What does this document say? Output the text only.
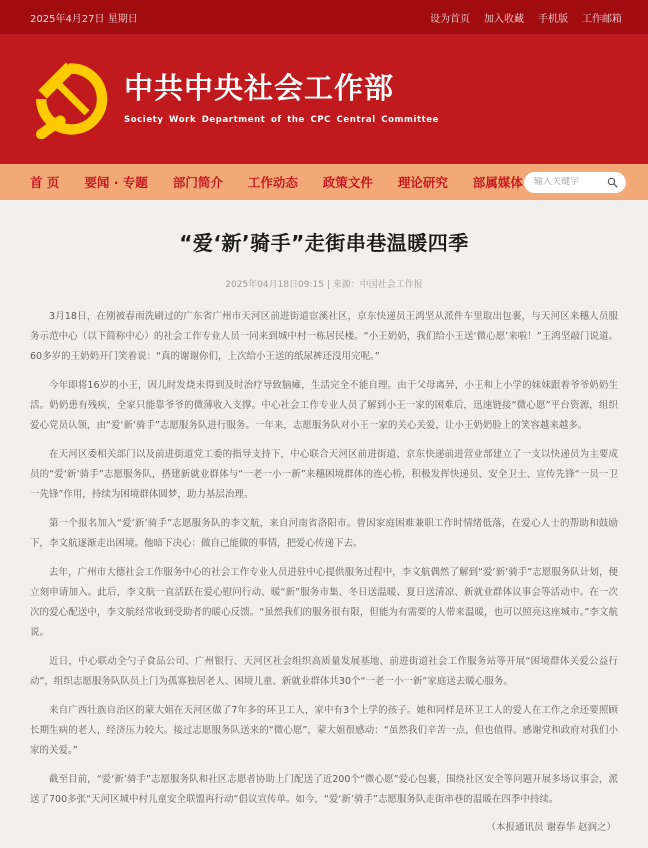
2025年4月27日 星期日	设为首页 加入收藏 手机版 工作邮箱
中共中央社会工作部
Society Work Department of the CPC Central Committee
首 页 要闻 · 专题 部门简介 工作动态 政策文件 理论研究 部属媒体
输入关键字
“爱‘新’骑手”走街串巷温暖四季
2025年04月18日09:15 | 来源：中国社会工作报

3月18日，在刚被春雨洗刷过的广东省广州市天河区前进街道宦溪社区，京东快递员王鸿坚从派件车里取出包裹，与天河区来穗人员服务示范中心（以下简称中心）的社会工作专业人员一同来到城中村一栋居民楼。“小王奶奶，我们给小王送‘微心愿’来啦！”王鸿坚敲门说道。60多岁的王奶奶开门笑着说：“真的谢谢你们，上次给小王送的纸尿裤还没用完呢。”

今年即将16岁的小王，因儿时发烧未得到及时治疗导致脑瘫，生活完全不能自理。由于父母离异，小王和上小学的妹妹跟着爷爷奶奶生活。奶奶患有残疾，全家只能靠爷爷的微薄收入支撑。中心社会工作专业人员了解到小王一家的困难后，迅速链接“微心愿”平台资源，组织爱心党员认领，由“爱‘新’骑手”志愿服务队进行服务。一年来，志愿服务队对小王一家的关心关爱，让小王奶奶脸上的笑容越来越多。

在天河区委相关部门以及前进街道党工委的指导支持下，中心联合天河区前进街道、京东快递前进营业部建立了一支以快递员为主要成员的“爱‘新’骑手”志愿服务队，搭建新就业群体与“一老一小一新”来穗困境群体的连心桥，积极发挥快递员、安全卫士、宣传先锋“一员一卫一先锋”作用，持续为困境群体圆梦，助力基层治理。

第一个报名加入“爱‘新’骑手”志愿服务队的李文航，来自河南省洛阳市。曾因家庭困难兼职工作时情绪低落，在爱心人士的帮助和鼓励下，李文航逐渐走出困境。他暗下决心：做自己能做的事情，把爱心传递下去。

去年，广州市大德社会工作服务中心的社会工作专业人员进驻中心提供服务过程中，李文航偶然了解到“爱‘新’骑手”志愿服务队计划，便立刻申请加入。此后，李文航一直活跃在爱心慰问行动、暖“新”服务市集、冬日送温暖、夏日送清凉、新就业群体议事会等活动中。在一次次的爱心配送中，李文航经常收到受助者的暖心反馈。“虽然我们的服务很有限，但能为有需要的人带来温暖，也可以照亮这座城市。”李文航说。

近日，中心联动全勺子食品公司、广州银行、天河区社会组织高质量发展基地、前进街道社会工作服务站等开展“困境群体关爱公益行动”，组织志愿服务队队员上门为孤寡独居老人、困境儿童、新就业群体共30个“一老一小一新”家庭送去暖心服务。

来自广西壮族自治区的蒙大姐在天河区做了7年多的环卫工人，家中有3个上学的孩子。她和同样是环卫工人的爱人在工作之余还要照顾长期生病的老人，经济压力较大。接过志愿服务队送来的“微心愿”，蒙大姐很感动：“虽然我们辛苦一点，但也值得。感谢党和政府对我们小家的关爱。”

截至目前，“爱‘新’骑手”志愿服务队和社区志愿者协助上门配送了近200个“微心愿”爱心包裹，围绕社区安全等问题开展多场议事会，派送了700多张“天河区城中村儿童安全联盟再行动”倡议宣传单。如今，“爱‘新’骑手”志愿服务队走街串巷的温暖在四季中持续。

（本报通讯员 谢春华 赵润之）
